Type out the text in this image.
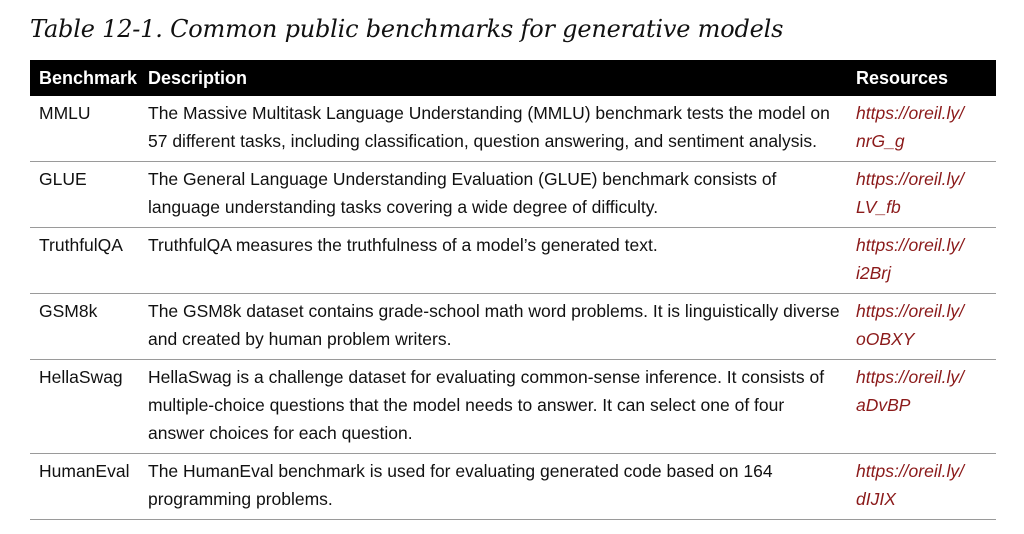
Table 12-1. Common public benchmarks for generative models
Benchmark	Description	Resources
MMLU	The Massive Multitask Language Understanding (MMLU) benchmark tests the model on 57 different tasks, including classification, question answering, and sentiment analysis.	https://oreil.ly/
nrG_g

GLUE	The General Language Understanding Evaluation (GLUE) benchmark consists of language understanding tasks covering a wide degree of difficulty.	https://oreil.ly/
LV_fb

TruthfulQA	TruthfulQA measures the truthfulness of a model’s generated text.	https://oreil.ly/
i2Brj

GSM8k	The GSM8k dataset contains grade-school math word problems. It is linguistically diverse and created by human problem writers.	https://oreil.ly/
oOBXY

HellaSwag	HellaSwag is a challenge dataset for evaluating common-sense inference. It consists of multiple-choice questions that the model needs to answer. It can select one of four answer choices for each question.	https://oreil.ly/
aDvBP

HumanEval	The HumanEval benchmark is used for evaluating generated code based on 164 programming problems.	https://oreil.ly/
dIJIX
